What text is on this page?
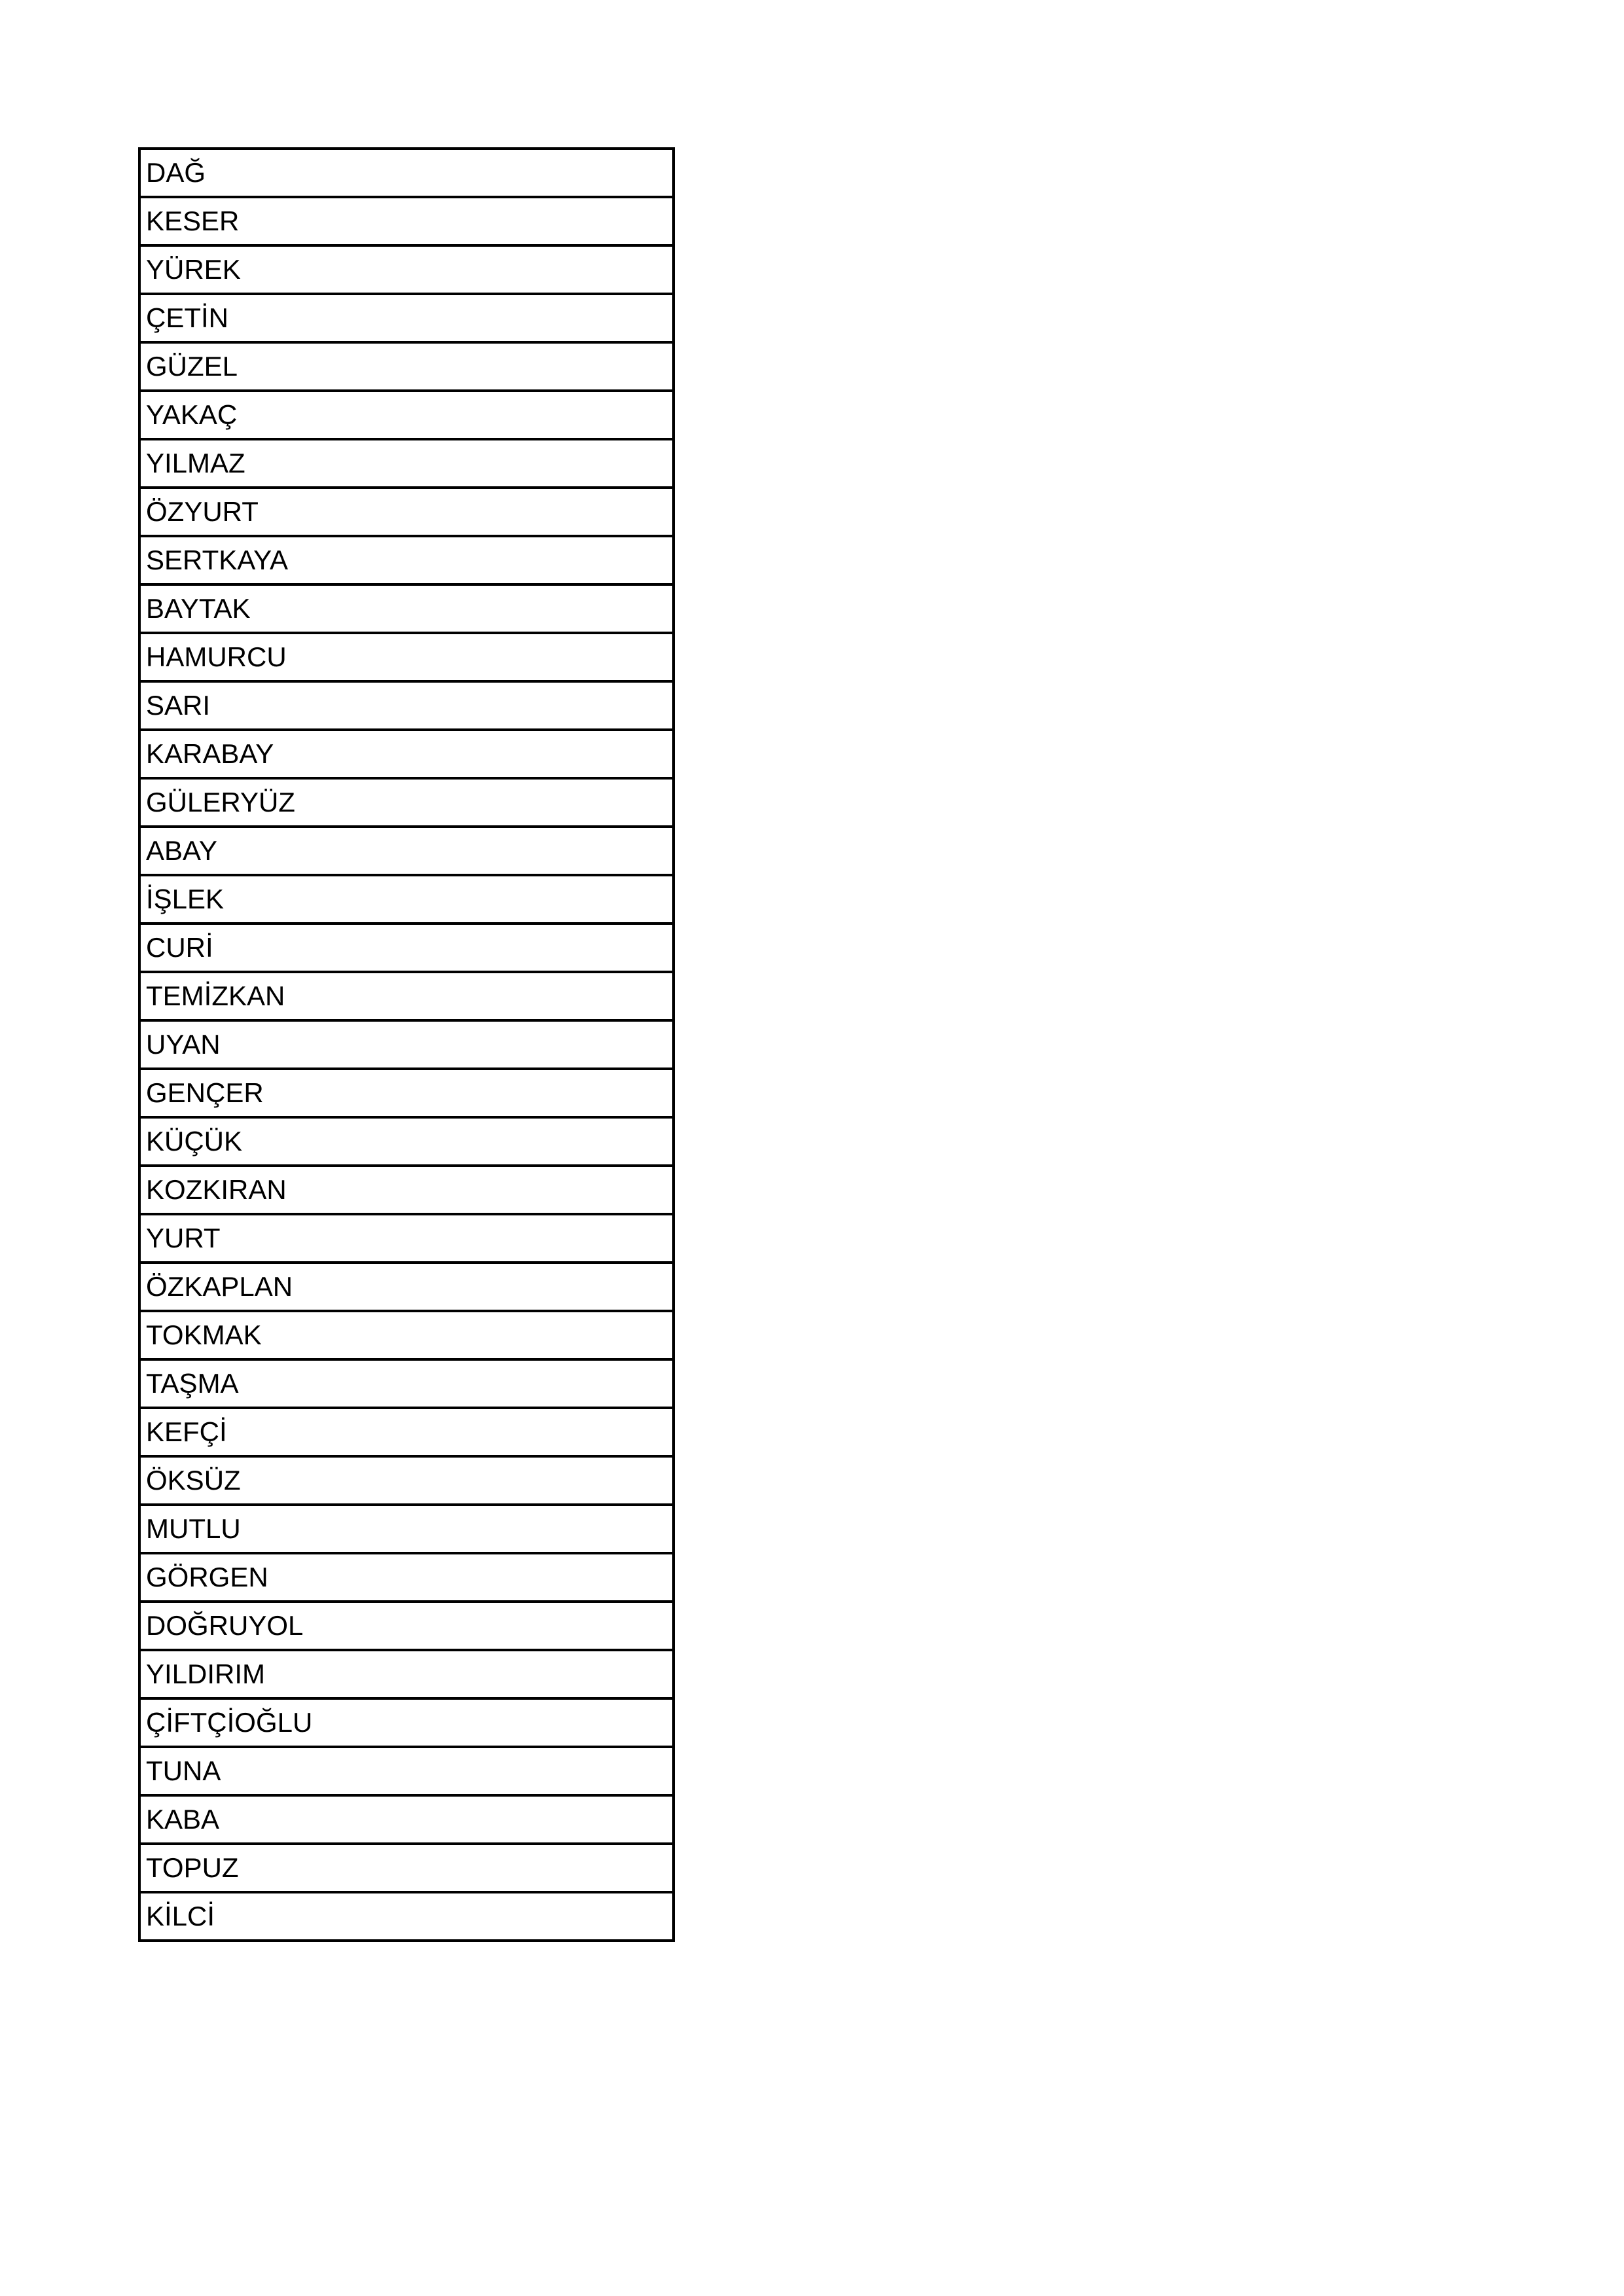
DAĞ
KESER
YÜREK
ÇETİN
GÜZEL
YAKAÇ
YILMAZ
ÖZYURT
SERTKAYA
BAYTAK
HAMURCU
SARI
KARABAY
GÜLERYÜZ
ABAY
İŞLEK
CURİ
TEMİZKAN
UYAN
GENÇER
KÜÇÜK
KOZKIRAN
YURT
ÖZKAPLAN
TOKMAK
TAŞMA
KEFÇİ
ÖKSÜZ
MUTLU
GÖRGEN
DOĞRUYOL
YILDIRIM
ÇİFTÇİOĞLU
TUNA
KABA
TOPUZ
KİLCİ
